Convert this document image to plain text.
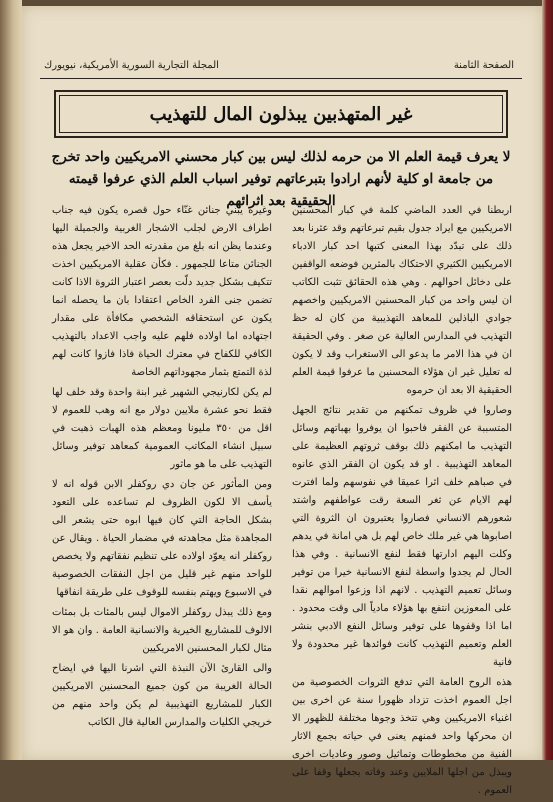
الصفحة الثامنة
المجلة التجارية السورية الأمريكية، نيويورك
غير المتهذبين يبذلون المال للتهذيب
لا يعرف قيمة العلم الا من حرمه لذلك ليس بين كبار محسني الامريكيين واحد تخرج من جامعة او كلية لأنهم ارادوا بتبرعاتهم توفير اسباب العلم الذي عرفوا قيمته الحقيقية بعد اثرائهم

اربطنا في العدد الماضي كلمة في كبار المحسنين الامريكيين مع ايراد جدول بقيم تبرعاتهم وقد عثرنا بعد ذلك على تبدّد بهذا المعنى كتبها احد كبار الادباء الامريكيين الكثيري الاحتكاك بالمثرين فوضعه الواقفين على دخائل احوالهم . وهي هذه الحقائق تثبت الكاتب ان ليس واحد من كبار المحسنين الامريكيين واخصهم جوادي الباذلين للمعاهد التهذيبية من كان له حظ التهذيب في المدارس العالية عن صغر . وفي الحقيقة ان في هذا الامر ما يدعو الى الاستغراب وقد لا يكون له تعليل غير ان هؤلاء المحسنين ما عرفوا قيمة العلم الحقيقية الا بعد ان حرموه

وصاروا في ظروف تمكنهم من تقدير نتائج الجهل المتسببة عن الفقر فاحبوا ان يوفروا بهباتهم وسائل التهذيب ما امكنهم ذلك بوقف ثروتهم العظيمة على المعاهد التهذيبية . او قد يكون ان الفقر الذي عانوه في صباهم خلف اثرا عميقا في نفوسهم ولما افترت لهم الايام عن ثغر السعة رقت عواطفهم واشتد شعورهم الانساني فصاروا يعتبرون ان الثروة التي اصابوها هي غير ملك خاص لهم بل هي امانة في يدهم وكلت اليهم ادارتها فقط لنفع الانسانية . وفي هذا الحال لم يجدوا واسطة لنفع الانسانية خيرا من توفير وسائل تعميم التهذيب . لانهم اذا وزعوا اموالهم نقدا على المعوزين انتفع بها هؤلاء مادياً الى وقت محدود . اما اذا وقفوها على توفير وسائل النفع الادبي بنشر العلم وتعميم التهذيب كانت فوائدها غير محدودة ولا فانية

هذه الروح العامة التي تدفع الثروات الخصوصية من اجل العموم اخذت تزداد ظهورا سنة عن اخرى بين اغنياء الامريكيين وهي تتخذ وجوها مختلفة للظهور الا ان محركها واحد فمنهم يعنى في حياته بجمع الاثار الفنية من مخطوطات وتماثيل وصور وعاديات اخرى ويبذل من اجلها الملايين وعند وفاته يجعلها وقفا على العموم .

وغيره يبني جنائن غنّاء حول قصره يكون فيه جناب اطراف الارض لجلب الاشجار الغربية والجميلة اليها وعندما يظن انه بلغ من مقدرته الحد الاخير يجعل هذه الجنائن متاعا للجمهور . فكأن عقلية الامريكيين اخذت تتكيف بشكل جديد دلّت بعصر اعتبار الثروة الاذا كانت تضمن جنى الفرد الخاص اعتقادا بان ما يحصله انما يكون عن استحقاقه الشخصي مكافأة على مقدار اجتهاده اما اولاده فلهم عليه واجب الاعداد بالتهذيب الكافي للكفاح في معترك الحياة فاذا فازوا كانت لهم لذة التمتع بثمار مجهوداتهم الخاصة

لم يكن لكارنيجي الشهير غير ابنة واحدة وقد خلف لها فقط نحو عشرة ملايين دولار مع انه وهب للعموم لا اقل من ٣٥٠ مليونا ومعظم هذه الهبات ذهبت في سبيل انشاء المكاتب العمومية كمعاهد توفير وسائل التهذيب على ما هو ماثور

ومن المأثور عن جان دي روكفلر الابن قوله انه لا يأسف الا لكون الظروف لم تساعده على التعود بشكل الحاجة التي كان فيها ابوه حتى يشعر الى المجاهدة مثل مجاهدته في مضمار الحياة . ويقال عن روكفلر انه يعوّد اولاده على تنظيم نفقاتهم ولا يخصص للواحد منهم غير قليل من اجل النفقات الخصوصية في الاسبوع ويهتم بنفسه للوقوف على طريقة انفاقها

ومع ذلك يبذل روكفلر الاموال ليس بالمئات بل بمئات الالوف للمشاريع الخيرية والانسانية العامة . وان هو الا مثال لكبار المحسنين الامريكيين

والى القارئ الآن النبذة التي اشرنا اليها في ايضاح الحالة الغريبة من كون جميع المحسنين الامريكيين الكبار للمشاريع التهذيبية لم يكن واحد منهم من خريجي الكليات والمدارس العالية قال الكاتب
